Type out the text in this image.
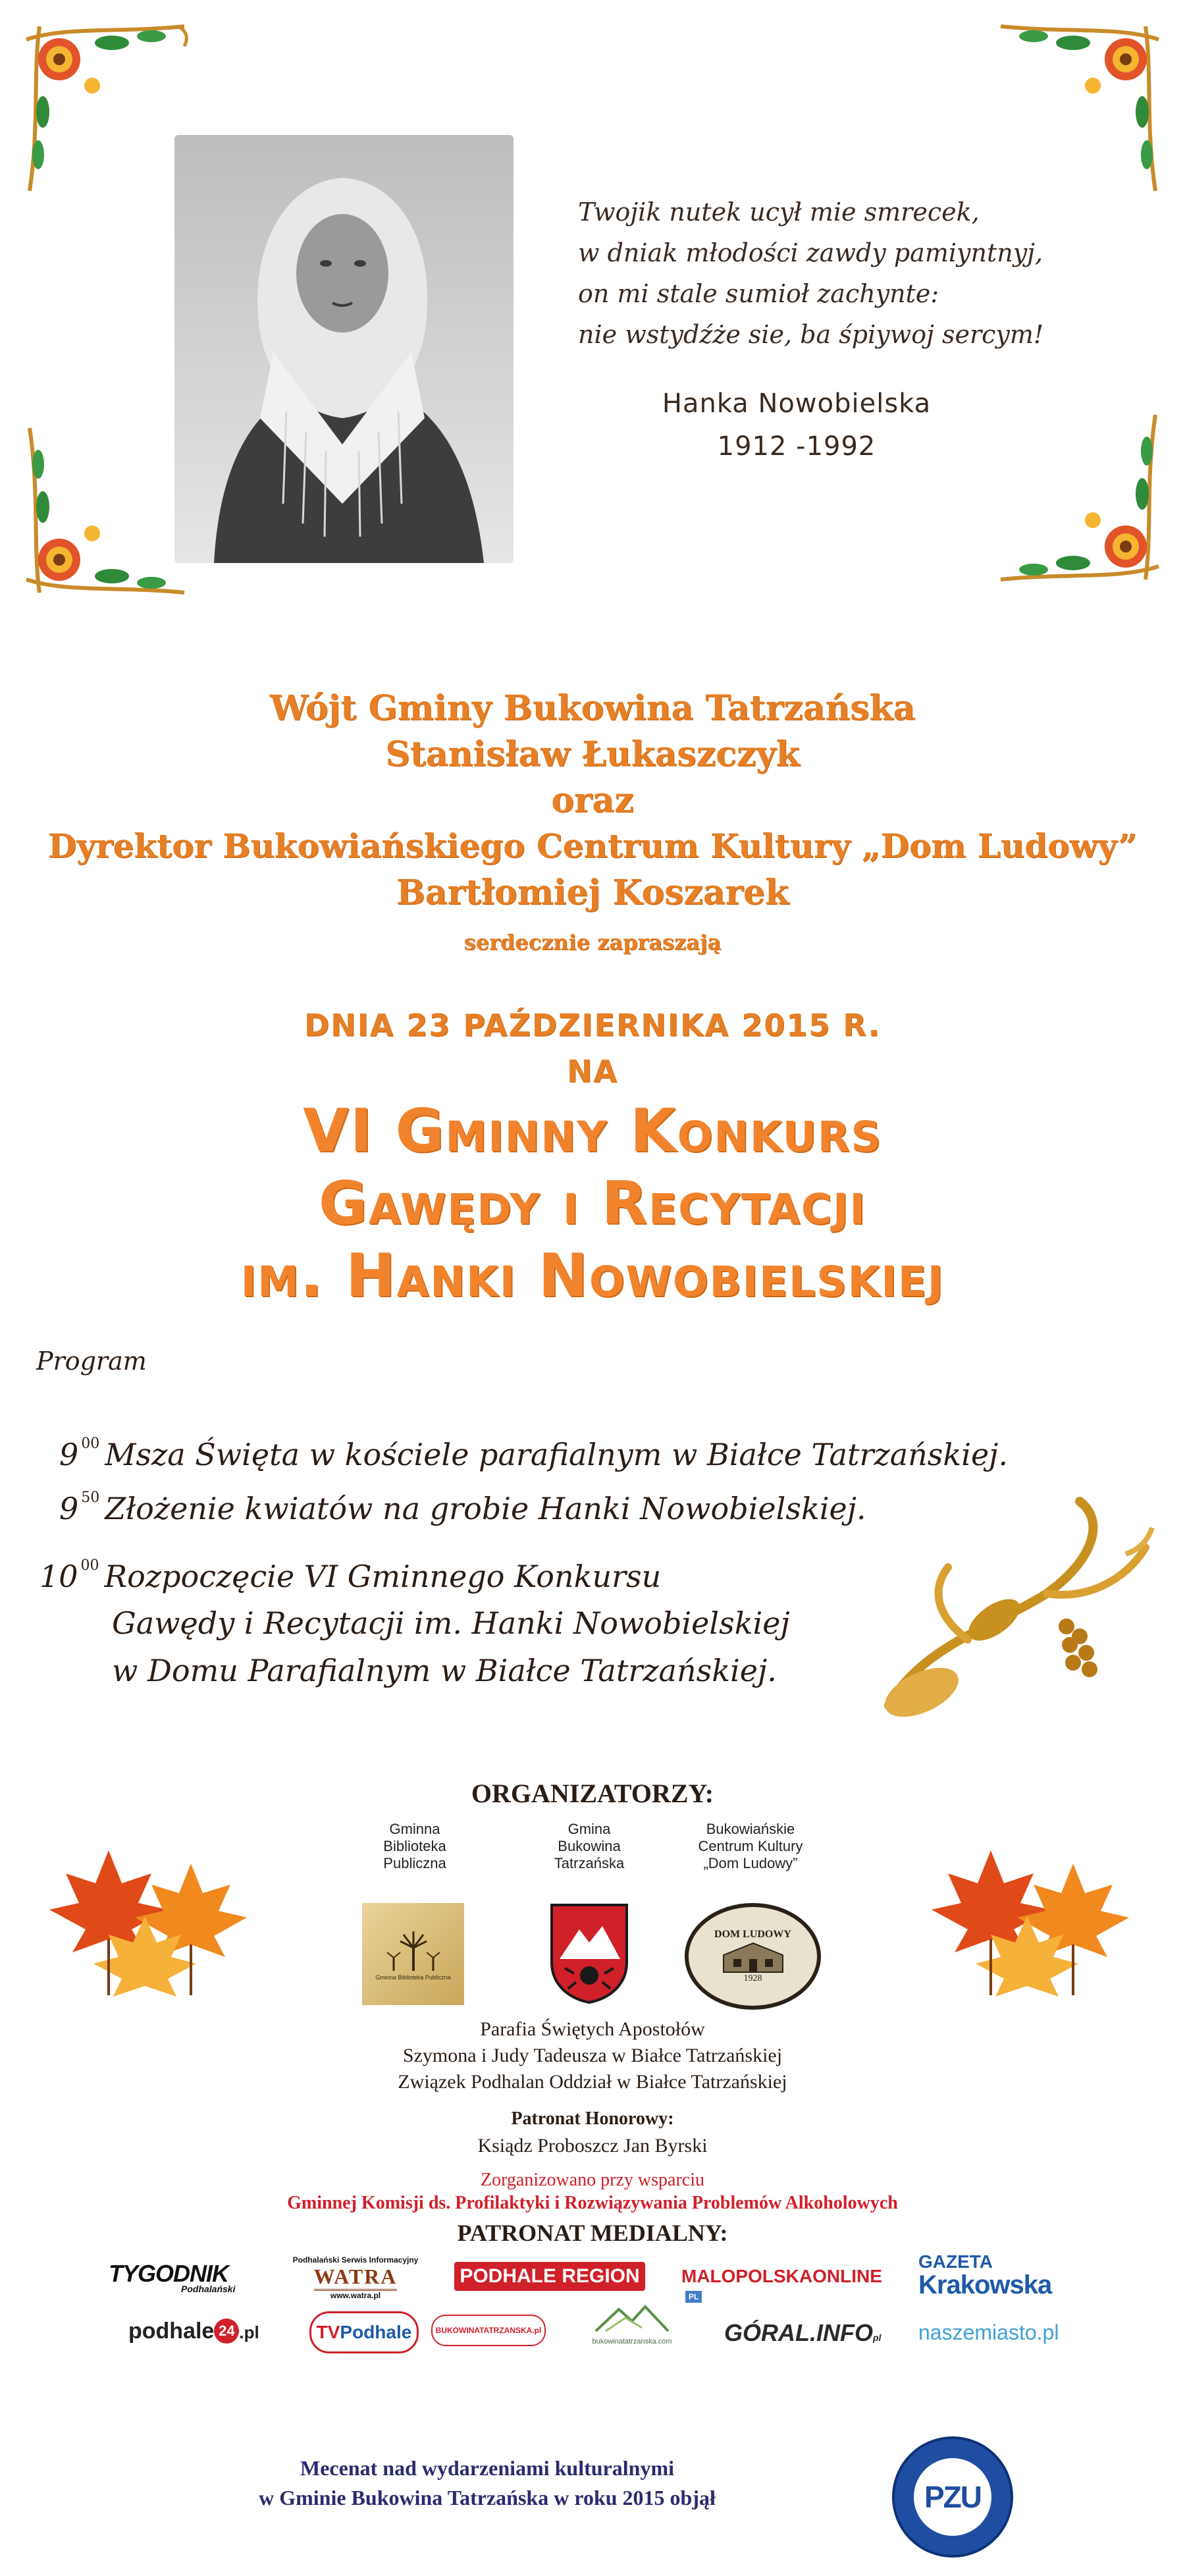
Twojik nutek ucył mie smrecek,
w dniak młodości zawdy pamiyntnyj,
on mi stale sumioł zachynte:
nie wstydźże sie, ba śpiywoj sercym!
Hanka Nowobielska
1912 -1992
Wójt Gminy Bukowina Tatrzańska
Stanisław Łukaszczyk
oraz
Dyrektor Bukowiańskiego Centrum Kultury „Dom Ludowy”
Bartłomiej Koszarek
serdecznie zapraszają
DNIA 23 PAŹDZIERNIKA 2015 R.
NA
VI Gminny Konkurs
Gawędy i Recytacji
im. Hanki Nowobielskiej
Program
9 $^{00}$ Msza Święta w kościele parafialnym w Białce Tatrzańskiej.
9 $^{50}$ Złożenie kwiatów na grobie Hanki Nowobielskiej.
10 $^{00}$ Rozpoczęcie VI Gminnego Konkursu
Gawędy i Recytacji im. Hanki Nowobielskiej
w Domu Parafialnym w Białce Tatrzańskiej.
ORGANIZATORZY:
Gminna
Biblioteka
Publiczna
Gmina
Bukowina
Tatrzańska
Bukowiańskie
Centrum Kultury
„Dom Ludowy”
Gminna Biblioteka Publiczna
DOM LUDOWY
1928
Parafia Świętych Apostołów
Szymona i Judy Tadeusza w Białce Tatrzańskiej
Związek Podhalan Oddział w Białce Tatrzańskiej
Patronat Honorowy:
Ksiądz Proboszcz Jan Byrski
Zorganizowano przy wsparciu
Gminnej Komisji ds. Profilaktyki i Rozwiązywania Problemów Alkoholowych
PATRONAT MEDIALNY:
TYGODNIK
Podhalański
Podhalański Serwis Informacyjny
WATRA
www.watra.pl
PODHALE REGION MALOPOLSKAONLINE PL
GAZETA
Krakowska
podhale 24 .pl	TVPodhale	BUKOWINATATRZANSKA.pl
bukowinatatrzanska.com	GÓRAL.INFOpl naszemiasto.pl
Mecenat nad wydarzeniami kulturalnymi
w Gminie Bukowina Tatrzańska w roku 2015 objął	PZU
